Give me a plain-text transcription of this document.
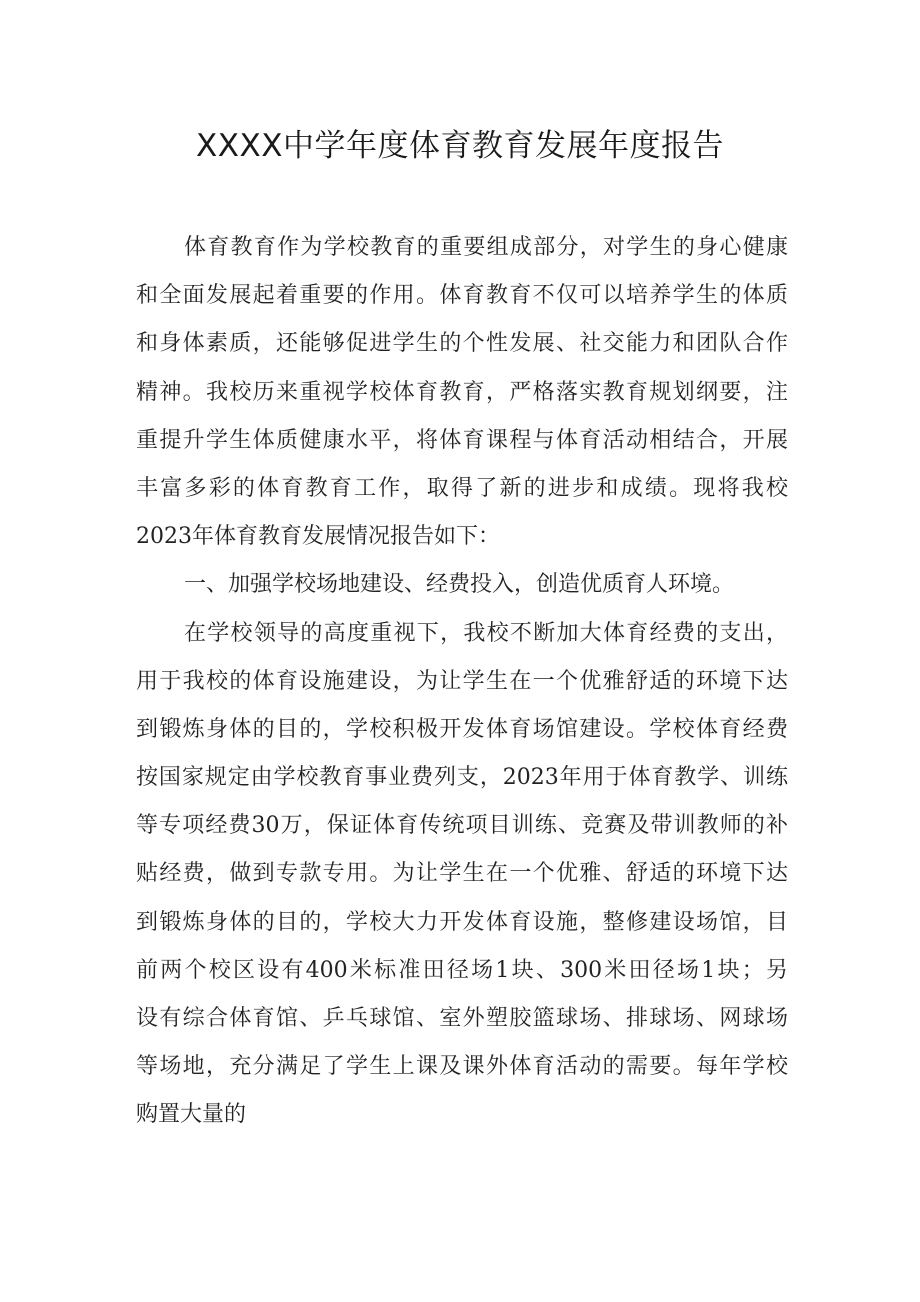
XXXX中学年度体育教育发展年度报告
体育教育作为学校教育的重要组成部分，对学生的身心健康
和全面发展起着重要的作用。体育教育不仅可以培养学生的体质
和身体素质，还能够促进学生的个性发展、社交能力和团队合作
精神。我校历来重视学校体育教育，严格落实教育规划纲要，注
重提升学生体质健康水平，将体育课程与体育活动相结合，开展
丰富多彩的体育教育工作，取得了新的进步和成绩。现将我校
2023年体育教育发展情况报告如下：
一、加强学校场地建设、经费投入，创造优质育人环境。
在学校领导的高度重视下，我校不断加大体育经费的支出，
用于我校的体育设施建设，为让学生在一个优雅舒适的环境下达
到锻炼身体的目的，学校积极开发体育场馆建设。学校体育经费
按国家规定由学校教育事业费列支，2023年用于体育教学、训练
等专项经费30万，保证体育传统项目训练、竞赛及带训教师的补
贴经费，做到专款专用。为让学生在一个优雅、舒适的环境下达
到锻炼身体的目的，学校大力开发体育设施，整修建设场馆，目
前两个校区设有400米标准田径场1块、300米田径场1块；另
设有综合体育馆、乒乓球馆、室外塑胶篮球场、排球场、网球场
等场地，充分满足了学生上课及课外体育活动的需要。每年学校
购置大量的
